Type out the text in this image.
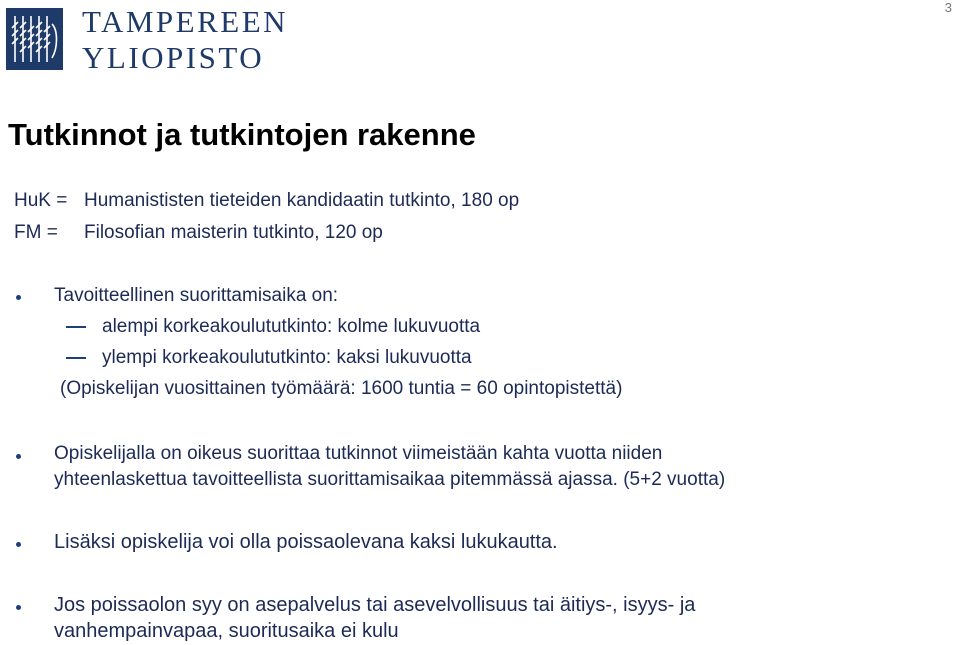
TAMPEREEN
YLIOPISTO
3
Tutkinnot ja tutkintojen rakenne
HuK = Humanististen tieteiden kandidaatin tutkinto, 180 op
FM = Filosofian maisterin tutkinto, 120 op
Tavoitteellinen suorittamisaika on:
alempi korkeakoulututkinto: kolme lukuvuotta
ylempi korkeakoulututkinto: kaksi lukuvuotta
(Opiskelijan vuosittainen työmäärä: 1600 tuntia = 60 opintopistettä)
Opiskelijalla on oikeus suorittaa tutkinnot viimeistään kahta vuotta niiden
yhteenlaskettua tavoitteellista suorittamisaikaa pitemmässä ajassa. (5+2 vuotta)
Lisäksi opiskelija voi olla poissaolevana kaksi lukukautta.
Jos poissaolon syy on asepalvelus tai asevelvollisuus tai äitiys-, isyys- ja
vanhempainvapaa, suoritusaika ei kulu
